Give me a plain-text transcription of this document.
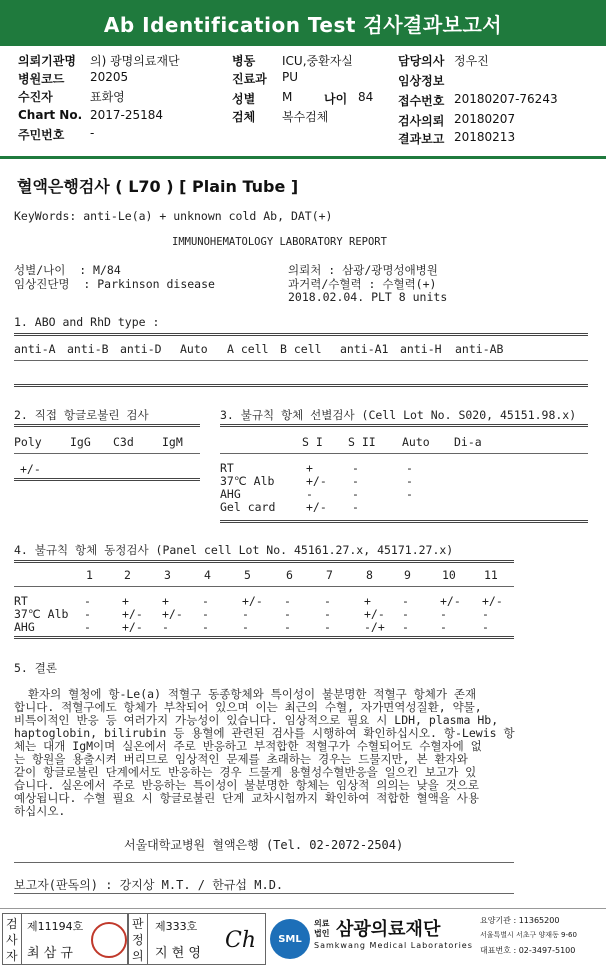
Ab Identification Test 검사결과보고서
의뢰기관명 의) 광명의료재단
병원코드 20205
수진자	표화영
Chart No. 2017-25184
주민번호 -
병동 ICU,중환자실
진료과 PU
성별 M	나이 84
검체 복수검체
담당의사 정우진
임상정보
접수번호 20180207-76243
검사의뢰 20180207
결과보고 20180213
혈액은행검사 ( L70 ) [ Plain Tube ]
KeyWords: anti-Le(a) + unknown cold Ab, DAT(+)
IMMUNOHEMATOLOGY LABORATORY REPORT
성별/나이  : M/84
임상진단명  : Parkinson disease
의뢰처 : 삼광/광명성애병원
과거력/수혈력 : 수혈력(+)
2018.02.04. PLT 8 units
1. ABO and RhD type :
anti-A anti-B anti-D Auto A cell B cell anti-A1 anti-H anti-AB
2. 직접 항글로불린 검사
Poly IgG C3d IgM
+/-
3. 불규칙 항체 선별검사 (Cell Lot No. S020, 45151.98.x)
S I S II Auto Di-a
RT	+	-	-
37℃ Alb	+/- -	-
AHG	-	-	-
Gel card	+/- -
4. 불규칙 항체 동정검사 (Panel cell Lot No. 45161.27.x, 45171.27.x)
1	2	3	4	5	6	7	8	9	10 11
RT	-	+	+	-	+/- -	-	+	-	+/- +/-
37℃ Alb -	+/- +/- -	-	-	-	+/- -	-	-
AHG	-	+/- -	-	-	-	-	-/+ -	-	-
5. 결론
환자의 혈청에 항-Le(a) 적혈구 동종항체와 특이성이 불분명한 적혈구 항체가 존재
합니다. 적혈구에도 항체가 부착되어 있으며 이는 최근의 수혈, 자가면역성질환, 약물,
비특이적인 반응 등 여러가지 가능성이 있습니다. 임상적으로 필요 시 LDH, plasma Hb,
haptoglobin, bilirubin 등 용혈에 관련된 검사를 시행하여 확인하십시오. 항-Lewis 항
체는 대개 IgM이며 실온에서 주로 반응하고 부적합한 적혈구가 수혈되어도 수혈자에 없
는 항원을 용출시켜 버리므로 임상적인 문제를 초래하는 경우는 드물지만, 본 환자와
같이 항글로불린 단계에서도 반응하는 경우 드물게 용혈성수혈반응을 일으킨 보고가 있
습니다. 실온에서 주로 반응하는 특이성이 불분명한 항체는 임상적 의의는 낮을 것으로
예상됩니다. 수혈 필요 시 항글로불린 단계 교차시험까지 확인하여 적합한 혈액을 사용
하십시오.
서울대학교병원 혈액은행 (Tel. 02-2072-2504)
보고자(판독의) : 강지상 M.T. / 한규섭 M.D.
검사자
제11194호
최 삼 규
판정의
제333호
지 현 영
Ch	SML
의료
법인 삼광의료재단
Samkwang Medical Laboratories
요양기관 : 11365200
서울특별시 서초구 양재동 9-60
대표번호 : 02-3497-5100
